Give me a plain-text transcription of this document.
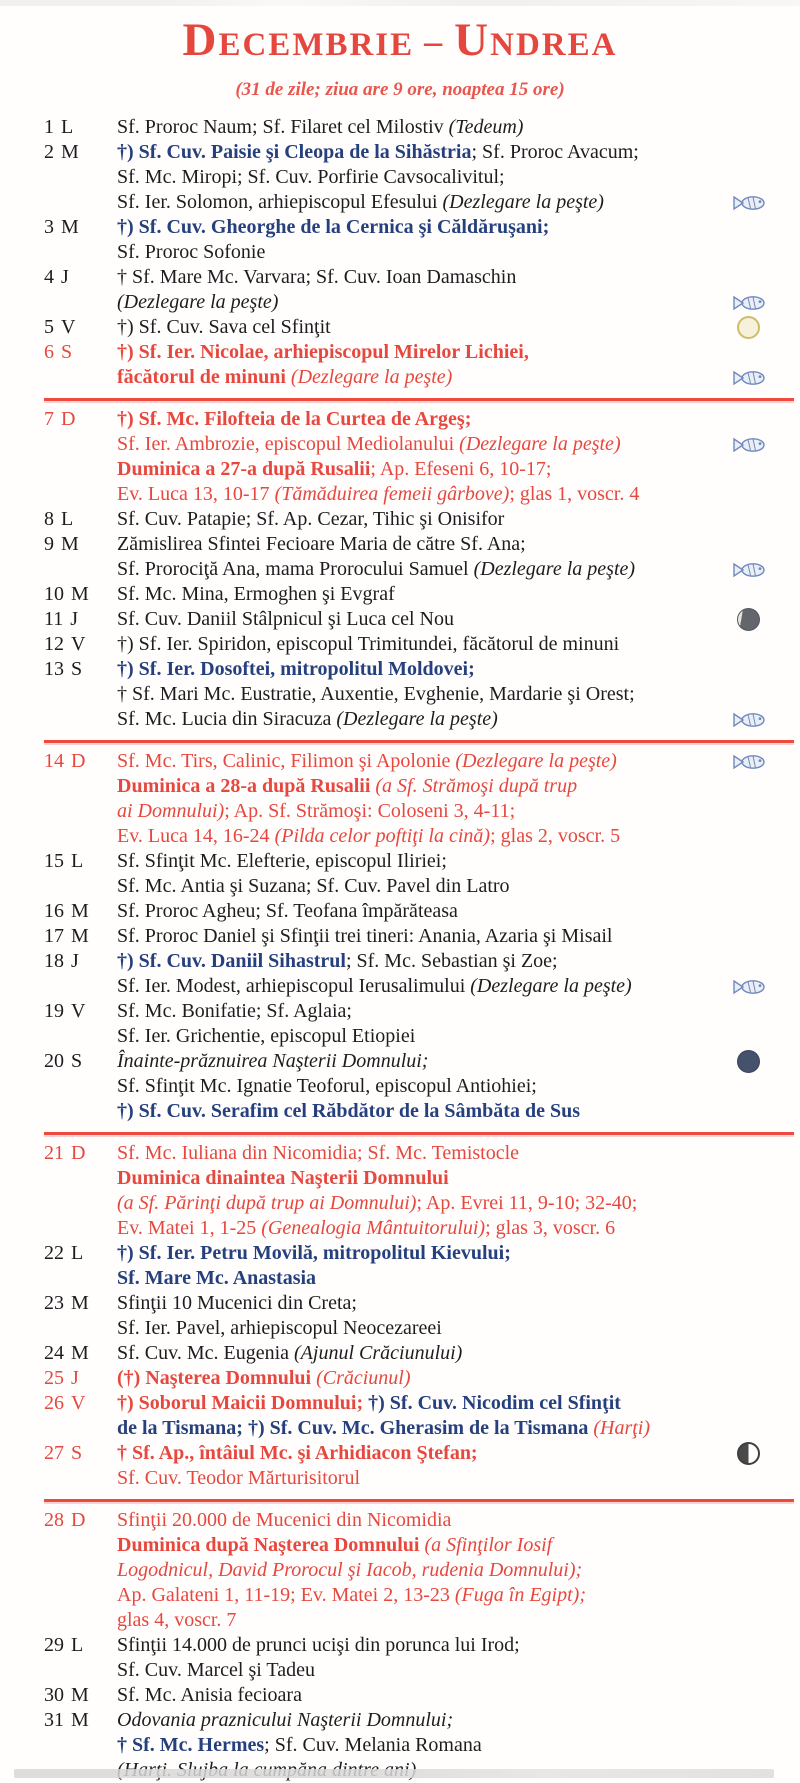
DECEMBRIE – UNDREA
(31 de zile; ziua are 9 ore, noaptea 15 ore)
1 L	Sf. Proroc Naum; Sf. Filaret cel Milostiv (Tedeum)
2 M	†) Sf. Cuv. Paisie şi Cleopa de la Sihăstria; Sf. Proroc Avacum;
Sf. Mc. Miropi; Sf. Cuv. Porfirie Cavsocalivitul;
Sf. Ier. Solomon, arhiepiscopul Efesului (Dezlegare la peşte)
3 M	†) Sf. Cuv. Gheorghe de la Cernica şi Căldăruşani;
Sf. Proroc Sofonie
4 J	† Sf. Mare Mc. Varvara; Sf. Cuv. Ioan Damaschin
(Dezlegare la peşte)
5 V	†) Sf. Cuv. Sava cel Sfinţit
6 S	†) Sf. Ier. Nicolae, arhiepiscopul Mirelor Lichiei,
făcătorul de minuni (Dezlegare la peşte)
7 D	†) Sf. Mc. Filofteia de la Curtea de Argeş;
Sf. Ier. Ambrozie, episcopul Mediolanului (Dezlegare la peşte)
Duminica a 27-a după Rusalii; Ap. Efeseni 6, 10-17;
Ev. Luca 13, 10-17 (Tămăduirea femeii gârbove); glas 1, voscr. 4
8 L	Sf. Cuv. Patapie; Sf. Ap. Cezar, Tihic şi Onisifor
9 M	Zămislirea Sfintei Fecioare Maria de către Sf. Ana;
Sf. Prorociţă Ana, mama Prorocului Samuel (Dezlegare la peşte)
10 M	Sf. Mc. Mina, Ermoghen şi Evgraf
11 J	Sf. Cuv. Daniil Stâlpnicul şi Luca cel Nou
12 V	†) Sf. Ier. Spiridon, episcopul Trimitundei, făcătorul de minuni
13 S	†) Sf. Ier. Dosoftei, mitropolitul Moldovei;
† Sf. Mari Mc. Eustratie, Auxentie, Evghenie, Mardarie şi Orest;
Sf. Mc. Lucia din Siracuza (Dezlegare la peşte)
14 D	Sf. Mc. Tirs, Calinic, Filimon şi Apolonie (Dezlegare la peşte)
Duminica a 28-a după Rusalii (a Sf. Strămoşi după trup
ai Domnului); Ap. Sf. Strămoşi: Coloseni 3, 4-11;
Ev. Luca 14, 16-24 (Pilda celor poftiţi la cină); glas 2, voscr. 5
15 L	Sf. Sfinţit Mc. Elefterie, episcopul Iliriei;
Sf. Mc. Antia şi Suzana; Sf. Cuv. Pavel din Latro
16 M	Sf. Proroc Agheu; Sf. Teofana împărăteasa
17 M	Sf. Proroc Daniel şi Sfinţii trei tineri: Anania, Azaria şi Misail
18 J	†) Sf. Cuv. Daniil Sihastrul; Sf. Mc. Sebastian şi Zoe;
Sf. Ier. Modest, arhiepiscopul Ierusalimului (Dezlegare la peşte)
19 V	Sf. Mc. Bonifatie; Sf. Aglaia;
Sf. Ier. Grichentie, episcopul Etiopiei
20 S	Înainte-prăznuirea Naşterii Domnului;
Sf. Sfinţit Mc. Ignatie Teoforul, episcopul Antiohiei;
†) Sf. Cuv. Serafim cel Răbdător de la Sâmbăta de Sus
21 D	Sf. Mc. Iuliana din Nicomidia; Sf. Mc. Temistocle
Duminica dinaintea Naşterii Domnului
(a Sf. Părinţi după trup ai Domnului); Ap. Evrei 11, 9-10; 32-40;
Ev. Matei 1, 1-25 (Genealogia Mântuitorului); glas 3, voscr. 6
22 L	†) Sf. Ier. Petru Movilă, mitropolitul Kievului;
Sf. Mare Mc. Anastasia
23 M	Sfinţii 10 Mucenici din Creta;
Sf. Ier. Pavel, arhiepiscopul Neocezareei
24 M	Sf. Cuv. Mc. Eugenia (Ajunul Crăciunului)
25 J	(†) Naşterea Domnului (Crăciunul)
26 V	†) Soborul Maicii Domnului; †) Sf. Cuv. Nicodim cel Sfinţit
de la Tismana; †) Sf. Cuv. Mc. Gherasim de la Tismana (Harţi)
27 S	† Sf. Ap., întâiul Mc. şi Arhidiacon Ştefan;
Sf. Cuv. Teodor Mărturisitorul
28 D	Sfinţii 20.000 de Mucenici din Nicomidia
Duminica după Naşterea Domnului (a Sfinţilor Iosif
Logodnicul, David Prorocul şi Iacob, rudenia Domnului);
Ap. Galateni 1, 11-19; Ev. Matei 2, 13-23 (Fuga în Egipt);
glas 4, voscr. 7
29 L	Sfinţii 14.000 de prunci ucişi din porunca lui Irod;
Sf. Cuv. Marcel şi Tadeu
30 M	Sf. Mc. Anisia fecioara
31 M	Odovania praznicului Naşterii Domnului;
† Sf. Mc. Hermes; Sf. Cuv. Melania Romana
